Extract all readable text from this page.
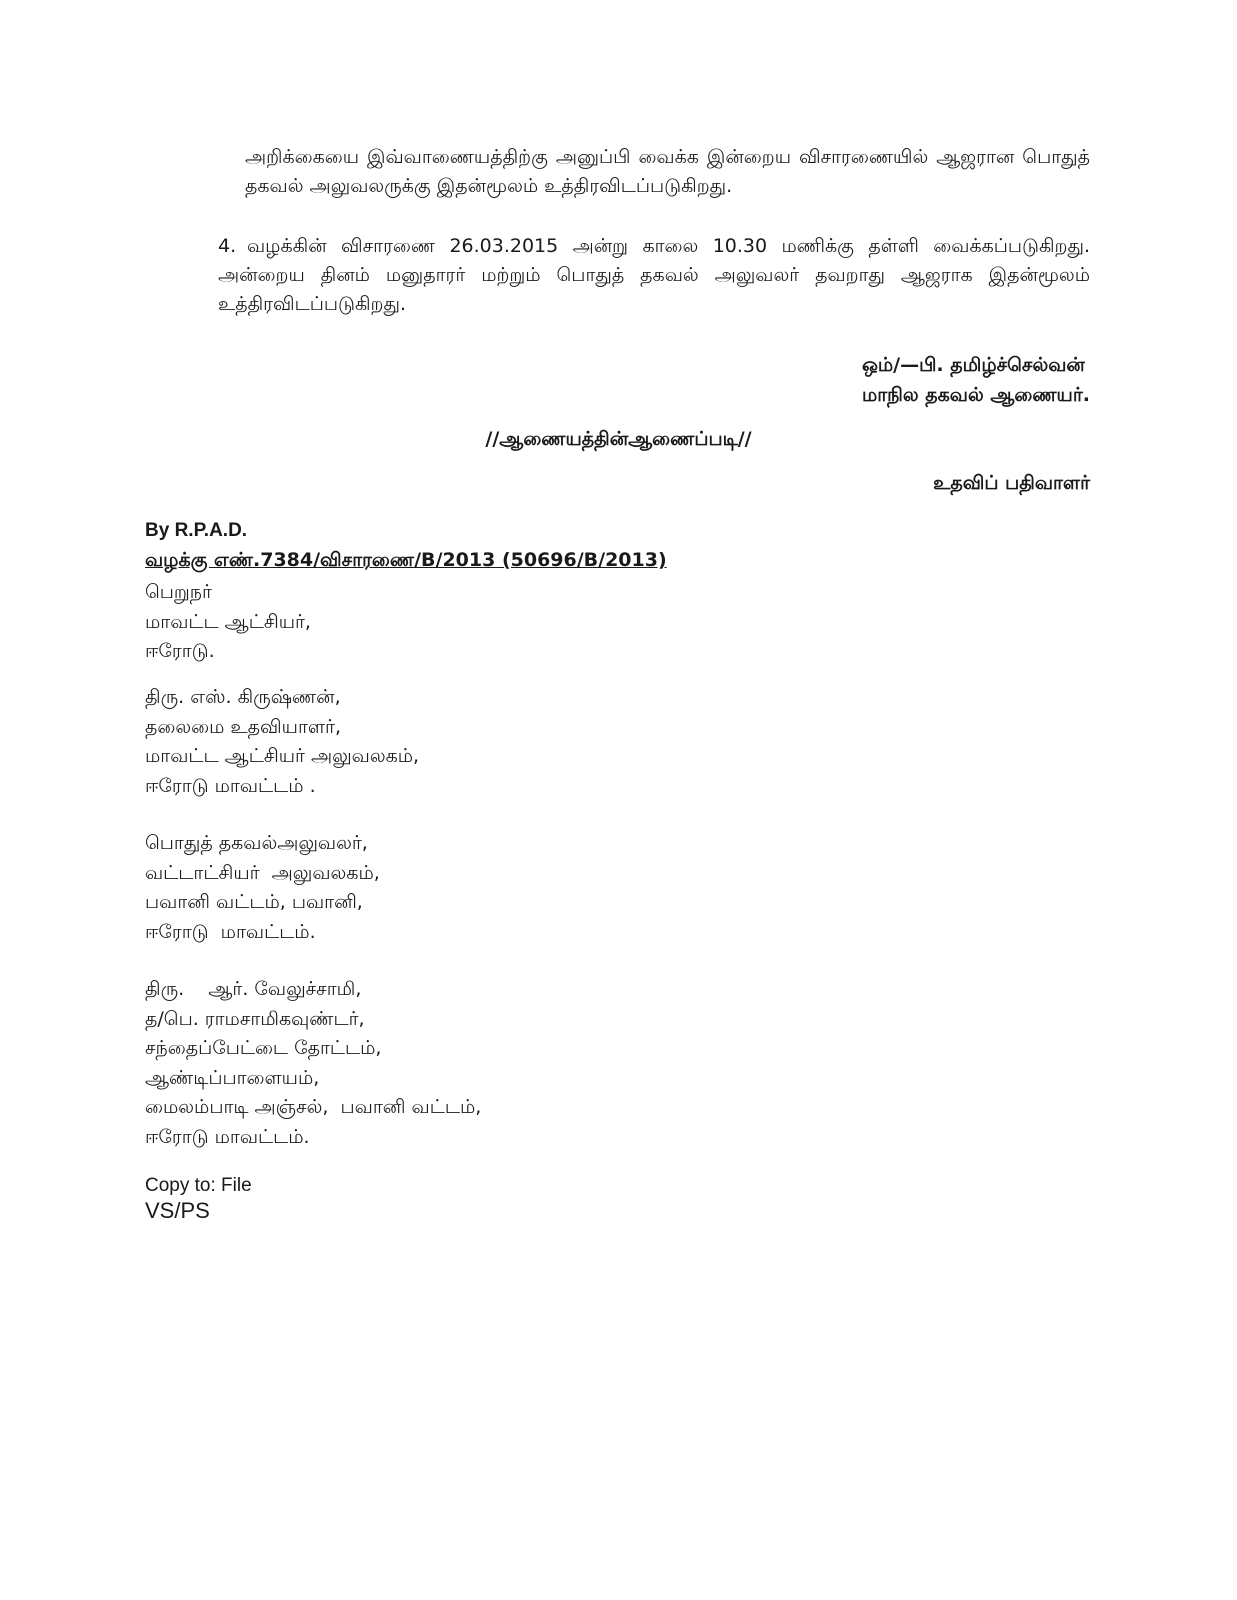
அறிக்கையை இவ்வாணையத்திற்கு அனுப்பி வைக்க இன்றைய விசாரணையில் ஆஜரான பொதுத் தகவல் அலுவலருக்கு இதன்மூலம் உத்திரவிடப்படுகிறது.
4. வழக்கின் விசாரணை 26.03.2015 அன்று காலை 10.30 மணிக்கு தள்ளி வைக்கப்படுகிறது. அன்றைய தினம் மனுதாரர் மற்றும் பொதுத் தகவல் அலுவலர் தவறாது ஆஜராக இதன்மூலம் உத்திரவிடப்படுகிறது.
ஒம்/—பி. தமிழ்ச்செல்வன்
மாநில தகவல் ஆணையர்.
//ஆணையத்தின்ஆணைப்படி//
உதவிப் பதிவாளர்
By R.P.A.D.
வழக்கு எண்.7384/விசாரணை/B/2013 (50696/B/2013)
பெறுநர்
மாவட்ட ஆட்சியர்,
ஈரோடு.
திரு. எஸ். கிருஷ்ணன்,
தலைமை உதவியாளர்,
மாவட்ட ஆட்சியர் அலுவலகம்,
ஈரோடு மாவட்டம் .
பொதுத் தகவல்அலுவலர்,
வட்டாட்சியர்  அலுவலகம்,
பவானி வட்டம், பவானி,
ஈரோடு  மாவட்டம்.
திரு.    ஆர். வேலுச்சாமி,
த/பெ. ராமசாமிகவுண்டர்,
சந்தைப்பேட்டை தோட்டம்,
ஆண்டிப்பாளையம்,
மைலம்பாடி அஞ்சல்,  பவானி வட்டம்,
ஈரோடு மாவட்டம்.
Copy to: File
VS/PS
